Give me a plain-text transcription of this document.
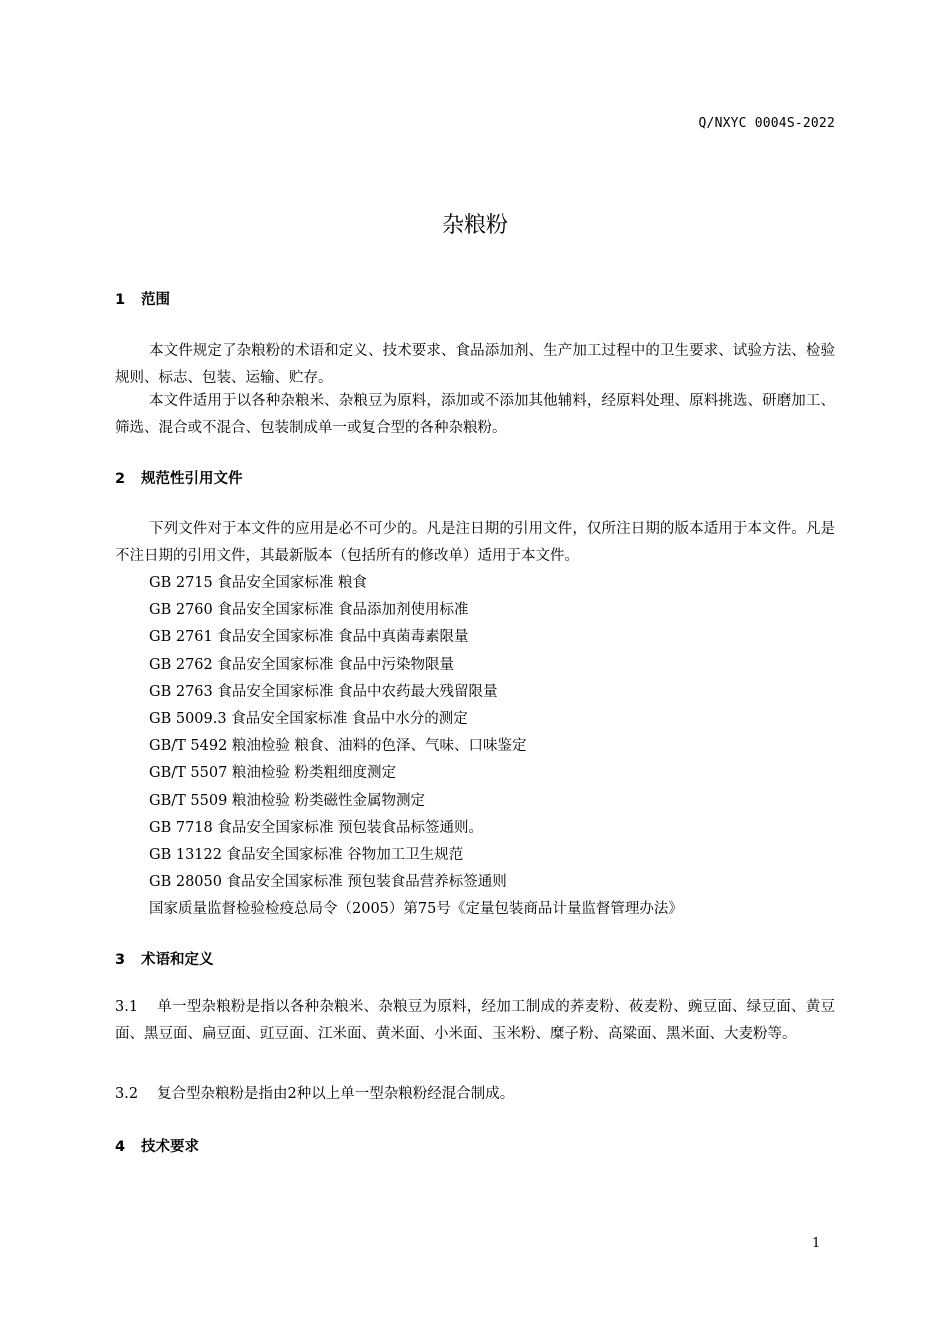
Q/NXYC 0004S-2022
杂粮粉
1 范围
本文件规定了杂粮粉的术语和定义、技术要求、食品添加剂、生产加工过程中的卫生要求、试验方法、检验规则、标志、包装、运输、贮存。
本文件适用于以各种杂粮米、杂粮豆为原料，添加或不添加其他辅料，经原料处理、原料挑选、研磨加工、筛选、混合或不混合、包装制成单一或复合型的各种杂粮粉。
2 规范性引用文件
下列文件对于本文件的应用是必不可少的。凡是注日期的引用文件，仅所注日期的版本适用于本文件。凡是不注日期的引用文件，其最新版本（包括所有的修改单）适用于本文件。
GB 2715 食品安全国家标准 粮食
GB 2760 食品安全国家标准 食品添加剂使用标准
GB 2761 食品安全国家标准 食品中真菌毒素限量
GB 2762 食品安全国家标准 食品中污染物限量
GB 2763 食品安全国家标准 食品中农药最大残留限量
GB 5009.3 食品安全国家标准 食品中水分的测定
GB/T 5492 粮油检验 粮食、油料的色泽、气味、口味鉴定
GB/T 5507 粮油检验 粉类粗细度测定
GB/T 5509 粮油检验 粉类磁性金属物测定
GB 7718 食品安全国家标准 预包装食品标签通则。
GB 13122 食品安全国家标准 谷物加工卫生规范
GB 28050 食品安全国家标准 预包装食品营养标签通则
国家质量监督检验检疫总局令（2005）第75号《定量包装商品计量监督管理办法》
3 术语和定义
3.1 单一型杂粮粉是指以各种杂粮米、杂粮豆为原料，经加工制成的荞麦粉、莜麦粉、豌豆面、绿豆面、黄豆面、黑豆面、扁豆面、豇豆面、江米面、黄米面、小米面、玉米粉、糜子粉、高粱面、黑米面、大麦粉等。
3.2 复合型杂粮粉是指由2种以上单一型杂粮粉经混合制成。
4 技术要求
1
